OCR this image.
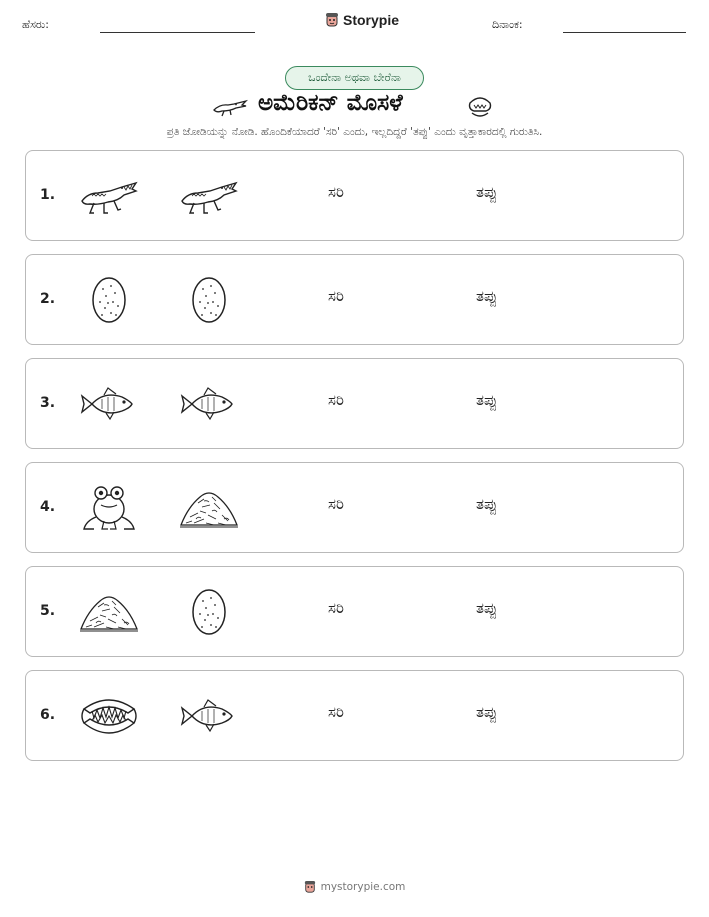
ಹೆಸರು:	Storypie	ದಿನಾಂಕ:
ಒಂದೇನಾ ಅಥವಾ ಬೇರೆನಾ
ಅಮೆರಿಕನ್ ಮೊಸಳೆ
ಪ್ರತಿ ಜೋಡಿಯನ್ನು ನೋಡಿ. ಹೊಂದಿಕೆಯಾದರೆ 'ಸರಿ' ಎಂದು, ಇಲ್ಲದಿದ್ದರೆ 'ತಪ್ಪು' ಎಂದು ವೃತ್ತಾಕಾರದಲ್ಲಿ ಗುರುತಿಸಿ.
1.	ಸರಿ	ತಪ್ಪು
2.	ಸರಿ	ತಪ್ಪು
3.	ಸರಿ	ತಪ್ಪು
4.	ಸರಿ	ತಪ್ಪು
5.	ಸರಿ	ತಪ್ಪು
6.	ಸರಿ	ತಪ್ಪು
mystorypie.com
